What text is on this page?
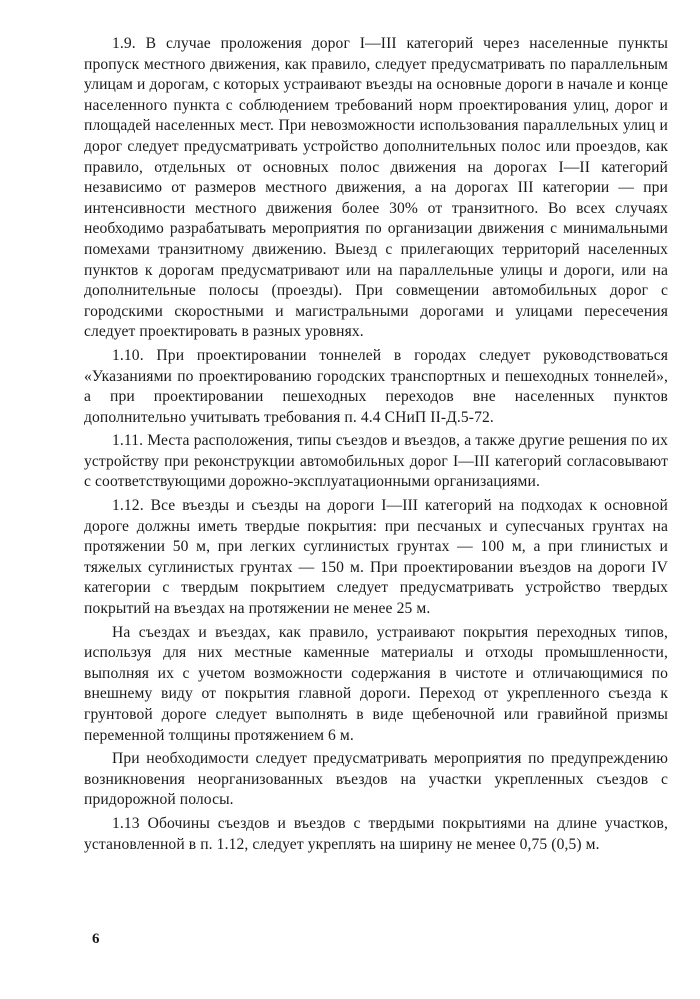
1.9. В случае проложения дорог I—III категорий через населенные пункты пропуск местного движения, как правило, следует предусматривать по параллельным улицам и дорогам, с которых устраивают въезды на основные дороги в начале и конце населенного пункта с соблюдением требований норм проектирования улиц, дорог и площадей населенных мест. При невозможности использования параллельных улиц и дорог следует предусматривать устройство дополнительных полос или проездов, как правило, отдельных от основных полос движения на дорогах I—II категорий независимо от размеров местного движения, а на дорогах III категории — при интенсивности местного движения более 30% от транзитного. Во всех случаях необходимо разрабатывать мероприятия по организации движения с минимальными помехами транзитному движению. Выезд с прилегающих территорий населенных пунктов к дорогам предусматривают или на параллельные улицы и дороги, или на дополнительные полосы (проезды). При совмещении автомобильных дорог с городскими скоростными и магистральными дорогами и улицами пересечения следует проектировать в разных уровнях.

1.10. При проектировании тоннелей в городах следует руководствоваться «Указаниями по проектированию городских транспортных и пешеходных тоннелей», а при проектировании пешеходных переходов вне населенных пунктов дополнительно учитывать требования п. 4.4 СНиП II-Д.5-72.

1.11. Места расположения, типы съездов и въездов, а также другие решения по их устройству при реконструкции автомобильных дорог I—III категорий согласовывают с соответствующими дорожно-эксплуатационными организациями.

1.12. Все въезды и съезды на дороги I—III категорий на подходах к основной дороге должны иметь твердые покрытия: при песчаных и супесчаных грунтах на протяжении 50 м, при легких суглинистых грунтах — 100 м, а при глинистых и тяжелых суглинистых грунтах — 150 м. При проектировании въездов на дороги IV категории с твердым покрытием следует предусматривать устройство твердых покрытий на въездах на протяжении не менее 25 м.

На съездах и въездах, как правило, устраивают покрытия переходных типов, используя для них местные каменные материалы и отходы промышленности, выполняя их с учетом возможности содержания в чистоте и отличающимися по внешнему виду от покрытия главной дороги. Переход от укрепленного съезда к грунтовой дороге следует выполнять в виде щебеночной или гравийной призмы переменной толщины протяжением 6 м.

При необходимости следует предусматривать мероприятия по предупреждению возникновения неорганизованных въездов на участки укрепленных съездов с придорожной полосы.

1.13 Обочины съездов и въездов с твердыми покрытиями на длине участков, установленной в п. 1.12, следует укреплять на ширину не менее 0,75 (0,5) м.

6
